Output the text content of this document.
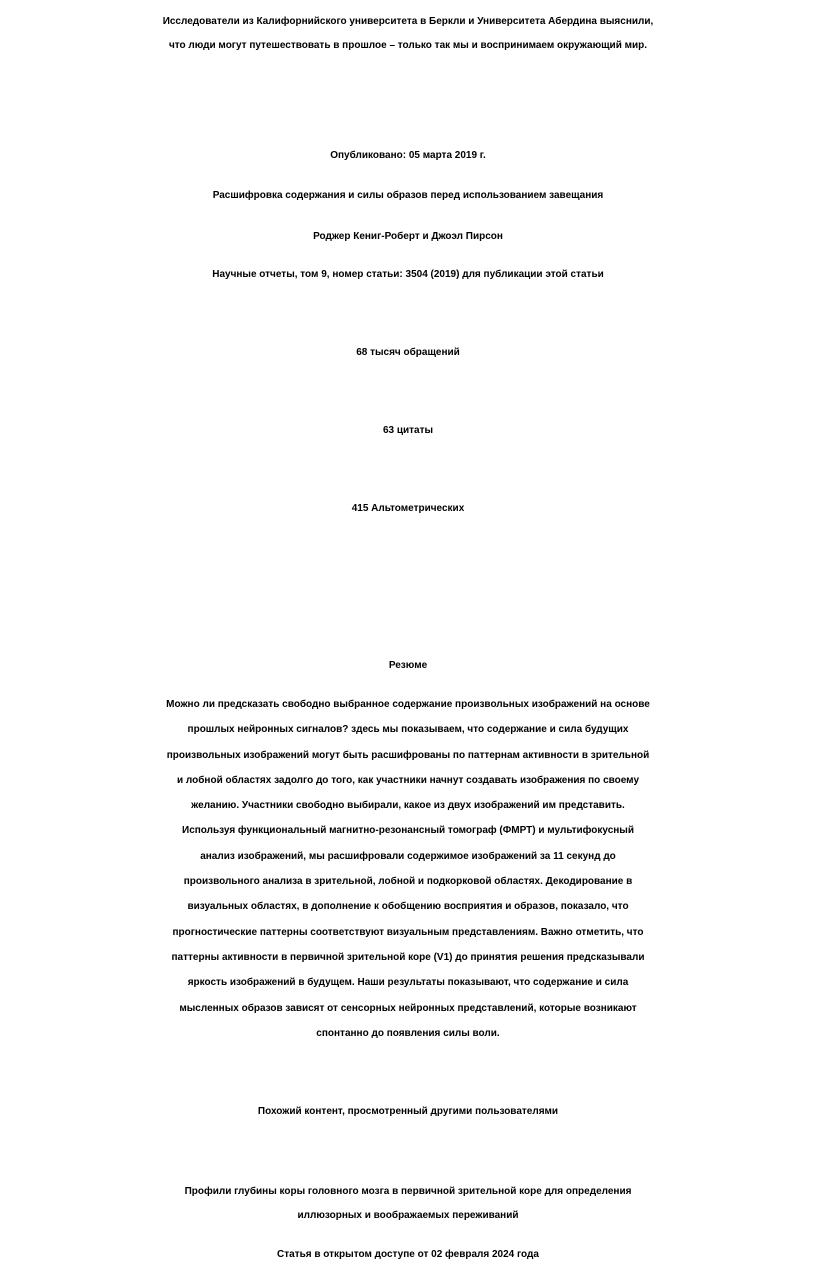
Исследователи из Калифорнийского университета в Беркли и Университета Абердина выяснили,
что люди могут путешествовать в прошлое – только так мы и воспринимаем окружающий мир.
Опубликовано: 05 марта 2019 г.
Расшифровка содержания и силы образов перед использованием завещания
Роджер Кениг-Роберт и Джоэл Пирсон
Научные отчеты, том 9, номер статьи: 3504 (2019) для публикации этой статьи
68 тысяч обращений
63 цитаты
415 Альтометрических
Резюме
Можно ли предсказать свободно выбранное содержание произвольных изображений на основе
прошлых нейронных сигналов? здесь мы показываем, что содержание и сила будущих
произвольных изображений могут быть расшифрованы по паттернам активности в зрительной
и лобной областях задолго до того, как участники начнут создавать изображения по своему
желанию. Участники свободно выбирали, какое из двух изображений им представить.
Используя функциональный магнитно-резонансный томограф (ФМРТ) и мультифокусный
анализ изображений, мы расшифровали содержимое изображений за 11 секунд до
произвольного анализа в зрительной, лобной и подкорковой областях. Декодирование в
визуальных областях, в дополнение к обобщению восприятия и образов, показало, что
прогностические паттерны соответствуют визуальным представлениям. Важно отметить, что
паттерны активности в первичной зрительной коре (V1) до принятия решения предсказывали
яркость изображений в будущем. Наши результаты показывают, что содержание и сила
мысленных образов зависят от сенсорных нейронных представлений, которые возникают
спонтанно до появления силы воли.
Похожий контент, просмотренный другими пользователями
Профили глубины коры головного мозга в первичной зрительной коре для определения
иллюзорных и воображаемых переживаний
Статья в открытом доступе от 02 февраля 2024 года
